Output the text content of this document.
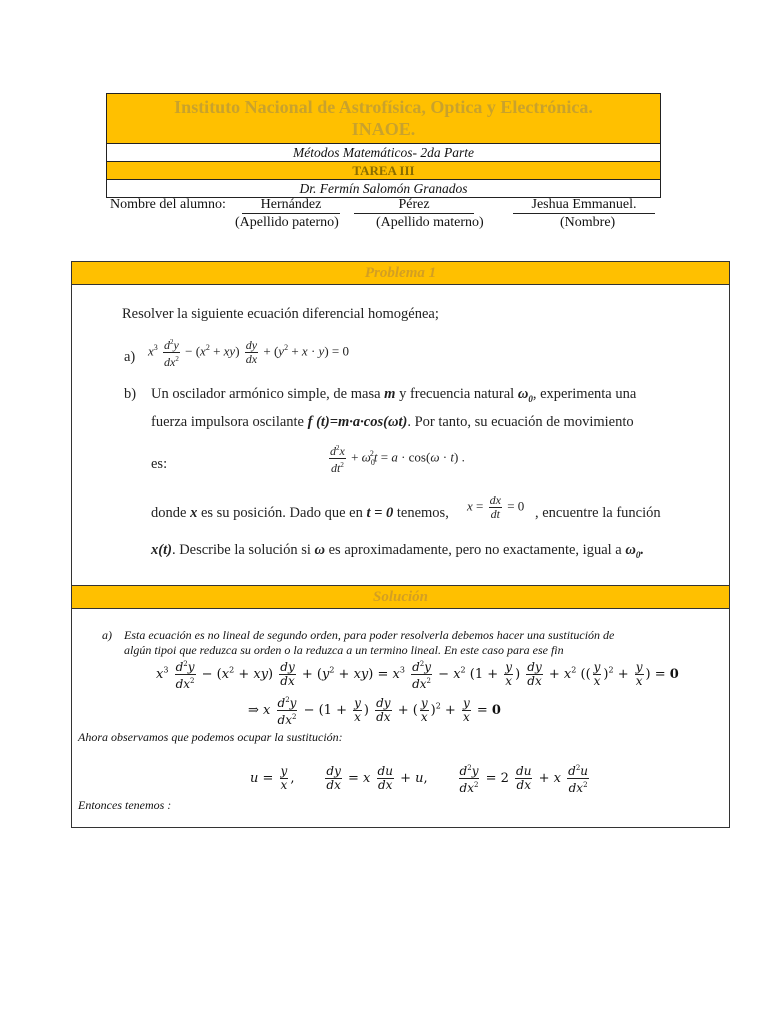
Instituto Nacional de Astrofísica, Optica y Electrónica.
INAOE.

Métodos Matemáticos- 2da Parte
TAREA III
Dr. Fermín Salomón Granados
Nombre del alumno:	Hernández	Pérez	Jeshua Emmanuel.
(Apellido paterno)	(Apellido materno)	(Nombre)
Problema 1
Resolver la siguiente ecuación diferencial homogénea;
a) $x^3 \frac{d^2y}{dx^2} - (x^2 + xy) \frac{dy}{dx} + (y^2 + x \cdot y) = 0$
b) Un oscilador armónico simple, de masa m y frecuencia natural $\omega_0$, experimenta una
fuerza impulsora oscilante f (t)=m·a·cos(ωt). Por tanto, su ecuación de movimiento
es:	$\frac{d^2x}{dt^2} + \omega_0^2t = a \cdot \cos(\omega \cdot t)$ .
donde x es su posición. Dado que en t = 0 tenemos, $x = \frac{dx}{dt} = 0$ , encuentre la función
x(t). Describe la solución si ω es aproximadamente, pero no exactamente, igual a $\omega_0$.
Solución
a) Esta ecuación es no lineal de segundo orden, para poder resolverla debemos hacer una sustitución de
algún tipoi que reduzca su orden o la reduzca a un termino lineal. En este caso para ese fin
$x^3 \frac{d^2y}{dx^2} - (x^2 + xy) \frac{dy}{dx} + (y^2 + xy) = x^3 \frac{d^2y}{dx^2} - x^2$ ($1 + \frac{y}{x}$ ) $\frac{dy}{dx} + x^2$ (( $\frac{y}{x} )^2 + \frac{y}{x}$ ) = 0
⇒ x $\frac{d^2y}{dx^2} - (1 + \frac{y}{x}$ ) $\frac{dy}{dx}$ + ( $\frac{y}{x} )^2 + \frac{y}{x} = 0$
Ahora observamos que podemos ocupar la sustitución:
$u = \frac{y}{x}$ , $\frac{dy}{dx} = x \frac{du}{dx} + u$, $\frac{d^2y}{dx^2} = 2 \frac{du}{dx} + x \frac{d^2u}{dx^2}$
Entonces tenemos :
